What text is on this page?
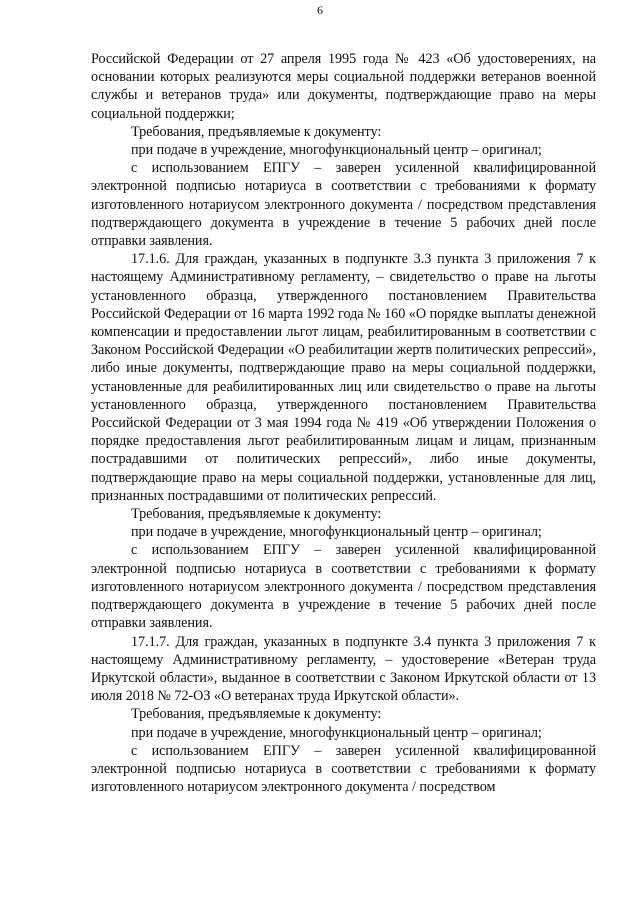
6

Российской Федерации от 27 апреля 1995 года № 423 «Об удостоверениях, на основании которых реализуются меры социальной поддержки ветеранов военной службы и ветеранов труда» или документы, подтверждающие право на меры социальной поддержки;

Требования, предъявляемые к документу:

при подаче в учреждение, многофункциональный центр – оригинал;

с использованием ЕПГУ – заверен усиленной квалифицированной электронной подписью нотариуса в соответствии с требованиями к формату изготовленного нотариусом электронного документа / посредством представления подтверждающего документа в учреждение в течение 5 рабочих дней после отправки заявления.

17.1.6. Для граждан, указанных в подпункте 3.3 пункта 3 приложения 7 к настоящему Административному регламенту, – свидетельство о праве на льготы установленного образца, утвержденного постановлением Правительства Российской Федерации от 16 марта 1992 года № 160 «О порядке выплаты денежной компенсации и предоставлении льгот лицам, реабилитированным в соответствии с Законом Российской Федерации «О реабилитации жертв политических репрессий», либо иные документы, подтверждающие право на меры социальной поддержки, установленные для реабилитированных лиц или свидетельство о праве на льготы установленного образца, утвержденного постановлением Правительства Российской Федерации от 3 мая 1994 года № 419 «Об утверждении Положения о порядке предоставления льгот реабилитированным лицам и лицам, признанным пострадавшими от политических репрессий», либо иные документы, подтверждающие право на меры социальной поддержки, установленные для лиц, признанных пострадавшими от политических репрессий.

Требования, предъявляемые к документу:

при подаче в учреждение, многофункциональный центр – оригинал;

с использованием ЕПГУ – заверен усиленной квалифицированной электронной подписью нотариуса в соответствии с требованиями к формату изготовленного нотариусом электронного документа / посредством представления подтверждающего документа в учреждение в течение 5 рабочих дней после отправки заявления.

17.1.7. Для граждан, указанных в подпункте 3.4 пункта 3 приложения 7 к настоящему Административному регламенту, – удостоверение «Ветеран труда Иркутской области», выданное в соответствии с Законом Иркутской области от 13 июля 2018 № 72-ОЗ «О ветеранах труда Иркутской области».

Требования, предъявляемые к документу:

при подаче в учреждение, многофункциональный центр – оригинал;

с использованием ЕПГУ – заверен усиленной квалифицированной электронной подписью нотариуса в соответствии с требованиями к формату изготовленного нотариусом электронного документа / посредством
